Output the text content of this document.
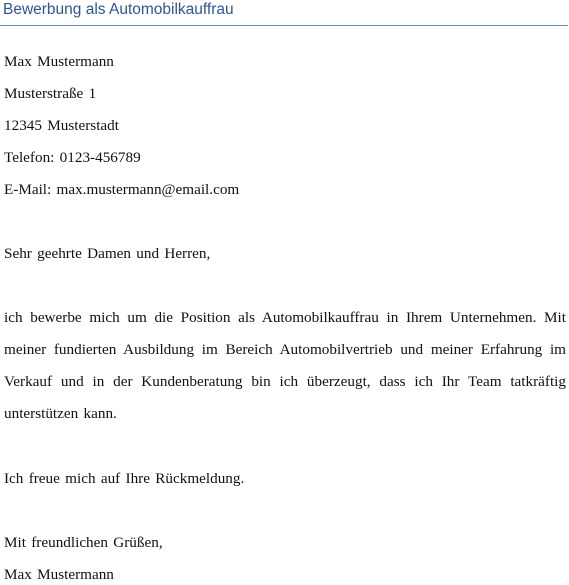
Bewerbung als Automobilkauffrau
Max Mustermann
Musterstraße 1
12345 Musterstadt
Telefon: 0123-456789
E-Mail: max.mustermann@email.com
Sehr geehrte Damen und Herren,
ich bewerbe mich um die Position als Automobilkauffrau in Ihrem Unternehmen. Mit
meiner fundierten Ausbildung im Bereich Automobilvertrieb und meiner Erfahrung im
Verkauf und in der Kundenberatung bin ich überzeugt, dass ich Ihr Team tatkräftig
unterstützen kann.
Ich freue mich auf Ihre Rückmeldung.
Mit freundlichen Grüßen,
Max Mustermann
